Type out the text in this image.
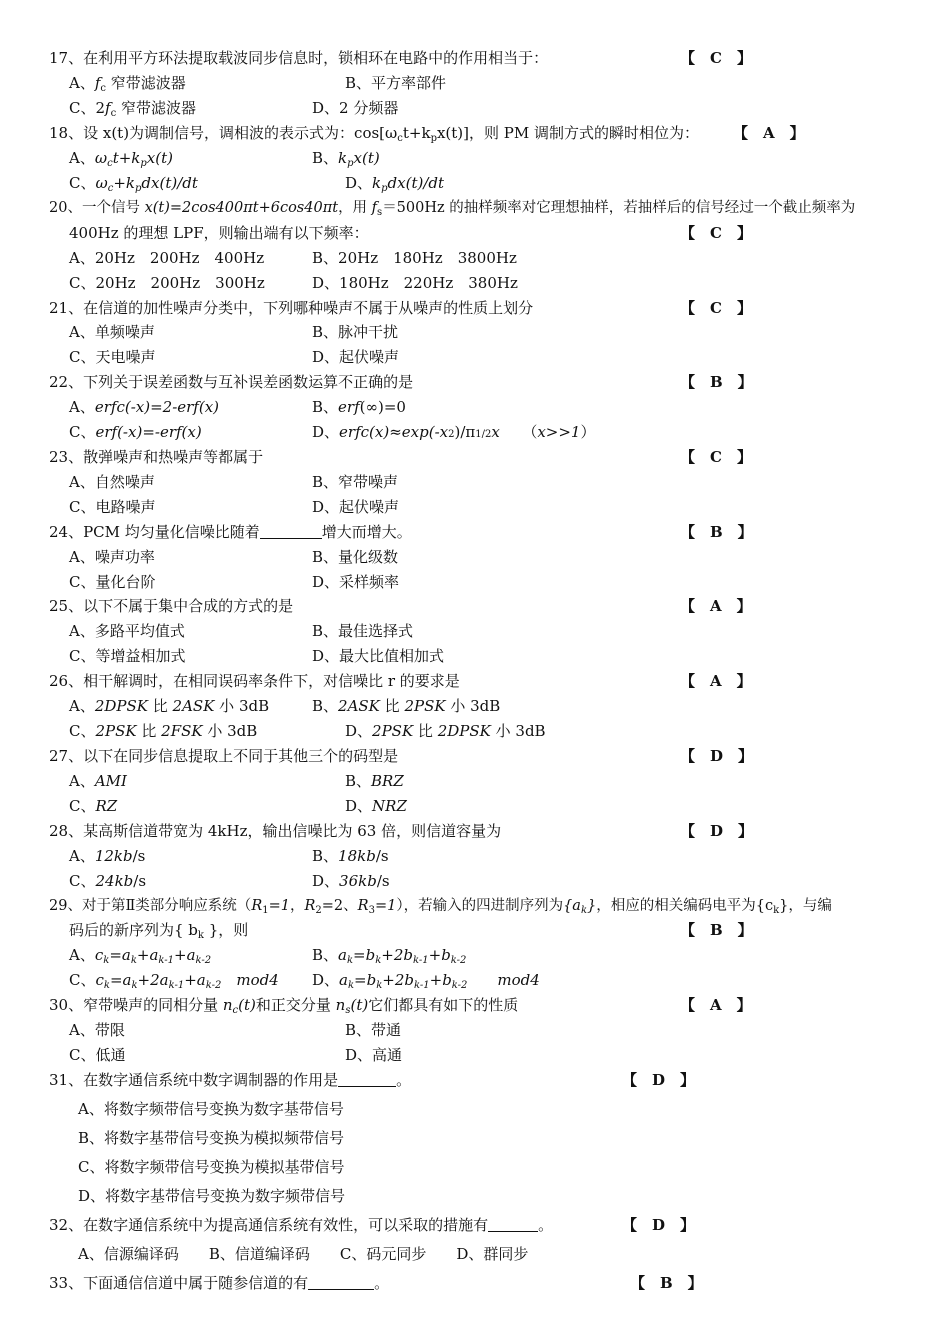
17、在利用平方环法提取载波同步信息时，锁相环在电路中的作用相当于：	【　C　】
A、$f_c$ 窄带滤波器	B、平方率部件
C、$2f_c$ 窄带滤波器	D、2 分频器
18、设 x(t)为调制信号，调相波的表示式为：$\cos[\omega_ct+k_px(t)]$，则 PM 调制方式的瞬时相位为： 【　A　】
A、$\omega_ct+k_px(t)$	B、$k_px(t)$
C、$\omega_c+k_pdx(t)/dt$	D、$k_pdx(t)/dt$
20、一个信号 x(t)=2cos400πt+6cos40πt，用 $f_s=500Hz$ 的抽样频率对它理想抽样，若抽样后的信号经过一个截止频率为
400Hz 的理想 LPF，则输出端有以下频率：	【　C　】
A、20Hz　200Hz　400Hz	B、20Hz　180Hz　3800Hz
C、20Hz　200Hz　300Hz	D、180Hz　220Hz　380Hz
21、在信道的加性噪声分类中，下列哪种噪声不属于从噪声的性质上划分	【　C　】
A、单频噪声	B、脉冲干扰
C、天电噪声	D、起伏噪声
22、下列关于误差函数与互补误差函数运算不正确的是	【　B　】
A、erfc(-x)=2-erf(x)	B、erf(∞)=0
C、erf(-x)=-erf(x)	D、erfc(x)≈exp(-x2)/π1/2x　　（x>>1）
23、散弹噪声和热噪声等都属于	【　C　】
A、自然噪声	B、窄带噪声
C、电路噪声	D、起伏噪声
24、PCM 均匀量化信噪比随着	增大而增大。	【　B　】
A、噪声功率	B、量化级数
C、量化台阶	D、采样频率
25、以下不属于集中合成的方式的是	【　A　】
A、多路平均值式	B、最佳选择式
C、等增益相加式	D、最大比值相加式
26、相干解调时，在相同误码率条件下，对信噪比 r 的要求是	【　A　】
A、2DPSK 比 2ASK 小 3dB	B、2ASK 比 2PSK 小 3dB
C、2PSK 比 2FSK 小 3dB	D、2PSK 比 2DPSK 小 3dB
27、以下在同步信息提取上不同于其他三个的码型是	【　D　】
A、AMI	B、BRZ
C、RZ	D、NRZ
28、某高斯信道带宽为 4kHz，输出信噪比为 63 倍，则信道容量为	【　D　】
A、12kb/s	B、18kb/s
C、24kb/s	D、36kb/s
29、对于第Ⅱ类部分响应系统（$R_1=1$，$R_2=2$、$R_3=1$），若输入的四进制序列为$\{a_k\}$，相应的相关编码电平为$\{c_k\}$，与编
码后的新序列为{ $b_k$ }，则	【　B　】
A、$c_k=a_k+a_{k-1}+a_{k-2}$	B、$a_k=b_k+2b_{k-1}+b_{k-2}$
C、$c_k=a_k+2a_{k-1}+a_{k-2}$　mod4 D、$a_k=b_k+2b_{k-1}+b_{k-2}$　　mod4
30、窄带噪声的同相分量 $n_c(t)$和正交分量 $n_s(t)$它们都具有如下的性质	【　A　】
A、带限	B、带通
C、低通	D、高通
31、在数字通信系统中数字调制器的作用是	。	【　D　】
A、将数字频带信号变换为数字基带信号
B、将数字基带信号变换为模拟频带信号
C、将数字频带信号变换为模拟基带信号
D、将数字基带信号变换为数字频带信号
32、在数字通信系统中为提高通信系统有效性，可以采取的措施有	。	【　D　】
A、信源编译码　　B、信道编译码　　C、码元同步　　D、群同步
33、下面通信信道中属于随参信道的有	。	【　B　】
